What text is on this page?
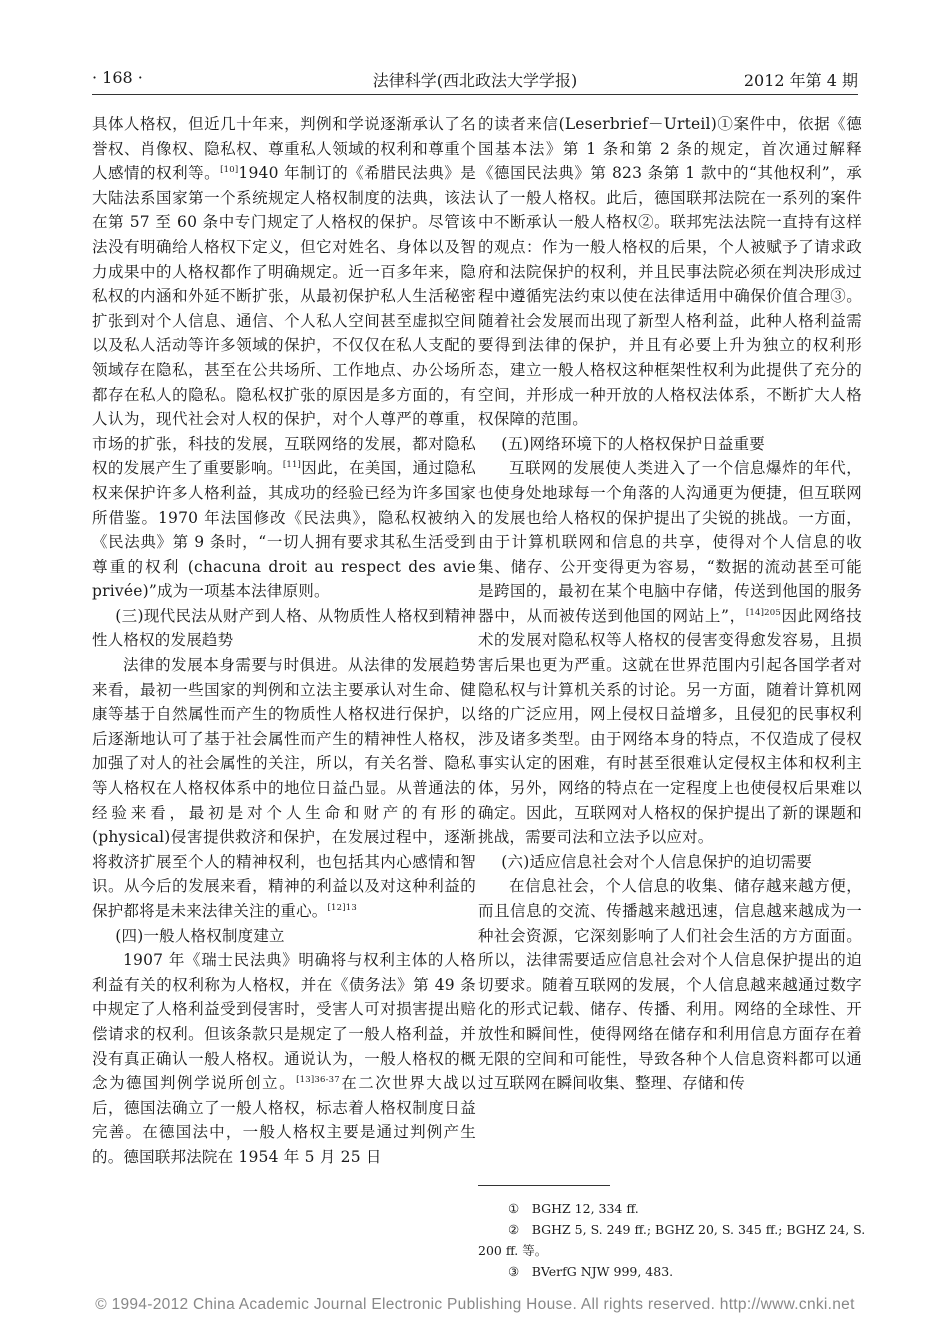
· 168 ·	法律科学(西北政法大学学报)	2012 年第 4 期

具体人格权，但近几十年来，判例和学说逐渐承认了名誉权、肖像权、隐私权、尊重私人领域的权利和尊重个人感情的权利等。[10]1940 年制订的《希腊民法典》是大陆法系国家第一个系统规定人格权制度的法典，该法在第 57 至 60 条中专门规定了人格权的保护。尽管该法没有明确给人格权下定义，但它对姓名、身体以及智力成果中的人格权都作了明确规定。近一百多年来，隐私权的内涵和外延不断扩张，从最初保护私人生活秘密扩张到对个人信息、通信、个人私人空间甚至虚拟空间以及私人活动等许多领域的保护，不仅仅在私人支配的领域存在隐私，甚至在公共场所、工作地点、办公场所都存在私人的隐私。隐私权扩张的原因是多方面的，有人认为，现代社会对人权的保护，对个人尊严的尊重，市场的扩张，科技的发展，互联网络的发展，都对隐私权的发展产生了重要影响。[11]因此，在美国，通过隐私权来保护许多人格利益，其成功的经验已经为许多国家所借鉴。1970 年法国修改《民法典》，隐私权被纳入《民法典》第 9 条时，“一切人拥有要求其私生活受到尊重的权利 (chacuna droit au respect des avie privée)”成为一项基本法律原则。

(三)现代民法从财产到人格、从物质性人格权到精神性人格权的发展趋势

法律的发展本身需要与时俱进。从法律的发展趋势来看，最初一些国家的判例和立法主要承认对生命、健康等基于自然属性而产生的物质性人格权进行保护，以后逐渐地认可了基于社会属性而产生的精神性人格权，加强了对人的社会属性的关注，所以，有关名誉、隐私等人格权在人格权体系中的地位日益凸显。从普通法的经验来看，最初是对个人生命和财产的有形的(physical)侵害提供救济和保护，在发展过程中，逐渐将救济扩展至个人的精神权利，也包括其内心感情和智识。从今后的发展来看，精神的利益以及对这种利益的保护都将是未来法律关注的重心。$^{[12]13}$

(四)一般人格权制度建立

1907 年《瑞士民法典》明确将与权利主体的人格利益有关的权利称为人格权，并在《债务法》第 49 条中规定了人格利益受到侵害时，受害人可对损害提出赔偿请求的权利。但该条款只是规定了一般人格利益，并没有真正确认一般人格权。通说认为，一般人格权的概念为德国判例学说所创立。$^{[13]36-37}$在二次世界大战以后，德国法确立了一般人格权，标志着人格权制度日益完善。在德国法中，一般人格权主要是通过判例产生的。德国联邦法院在 1954 年 5 月 25 日

的读者来信(Leserbrief－Urteil)①案件中，依据《德国基本法》第 1 条和第 2 条的规定，首次通过解释《德国民法典》第 823 条第 1 款中的“其他权利”，承认了一般人格权。此后，德国联邦法院在一系列的案件中不断承认一般人格权②。联邦宪法法院一直持有这样的观点：作为一般人格权的后果，个人被赋予了请求政府和法院保护的权利，并且民事法院必须在判决形成过程中遵循宪法约束以使在法律适用中确保价值合理③。随着社会发展而出现了新型人格利益，此种人格利益需要得到法律的保护，并且有必要上升为独立的权利形态，建立一般人格权这种框架性权利为此提供了充分的空间，并形成一种开放的人格权法体系，不断扩大人格权保障的范围。

(五)网络环境下的人格权保护日益重要

互联网的发展使人类进入了一个信息爆炸的年代，也使身处地球每一个角落的人沟通更为便捷，但互联网的发展也给人格权的保护提出了尖锐的挑战。一方面，由于计算机联网和信息的共享，使得对个人信息的收集、储存、公开变得更为容易，“数据的流动甚至可能是跨国的，最初在某个电脑中存储，传送到他国的服务器中，从而被传送到他国的网站上”，$^{[14]205}$因此网络技术的发展对隐私权等人格权的侵害变得愈发容易，且损害后果也更为严重。这就在世界范围内引起各国学者对隐私权与计算机关系的讨论。另一方面，随着计算机网络的广泛应用，网上侵权日益增多，且侵犯的民事权利涉及诸多类型。由于网络本身的特点，不仅造成了侵权事实认定的困难，有时甚至很难认定侵权主体和权利主体，另外，网络的特点在一定程度上也使侵权后果难以确定。因此，互联网对人格权的保护提出了新的课题和挑战，需要司法和立法予以应对。

(六)适应信息社会对个人信息保护的迫切需要

在信息社会，个人信息的收集、储存越来越方便，而且信息的交流、传播越来越迅速，信息越来越成为一种社会资源，它深刻影响了人们社会生活的方方面面。所以，法律需要适应信息社会对个人信息保护提出的迫切要求。随着互联网的发展，个人信息越来越通过数字化的形式记载、储存、传播、利用。网络的全球性、开放性和瞬间性，使得网络在储存和利用信息方面存在着无限的空间和可能性，导致各种个人信息资料都可以通过互联网在瞬间收集、整理、存储和传

①　BGHZ 12, 334 ff.

②　BGHZ 5, S. 249 ff.; BGHZ 20, S. 345 ff.; BGHZ 24, S. 200 ff. 等。

③　BVerfG NJW 999, 483.

© 1994-2012 China Academic Journal Electronic Publishing House. All rights reserved. http://www.cnki.net
